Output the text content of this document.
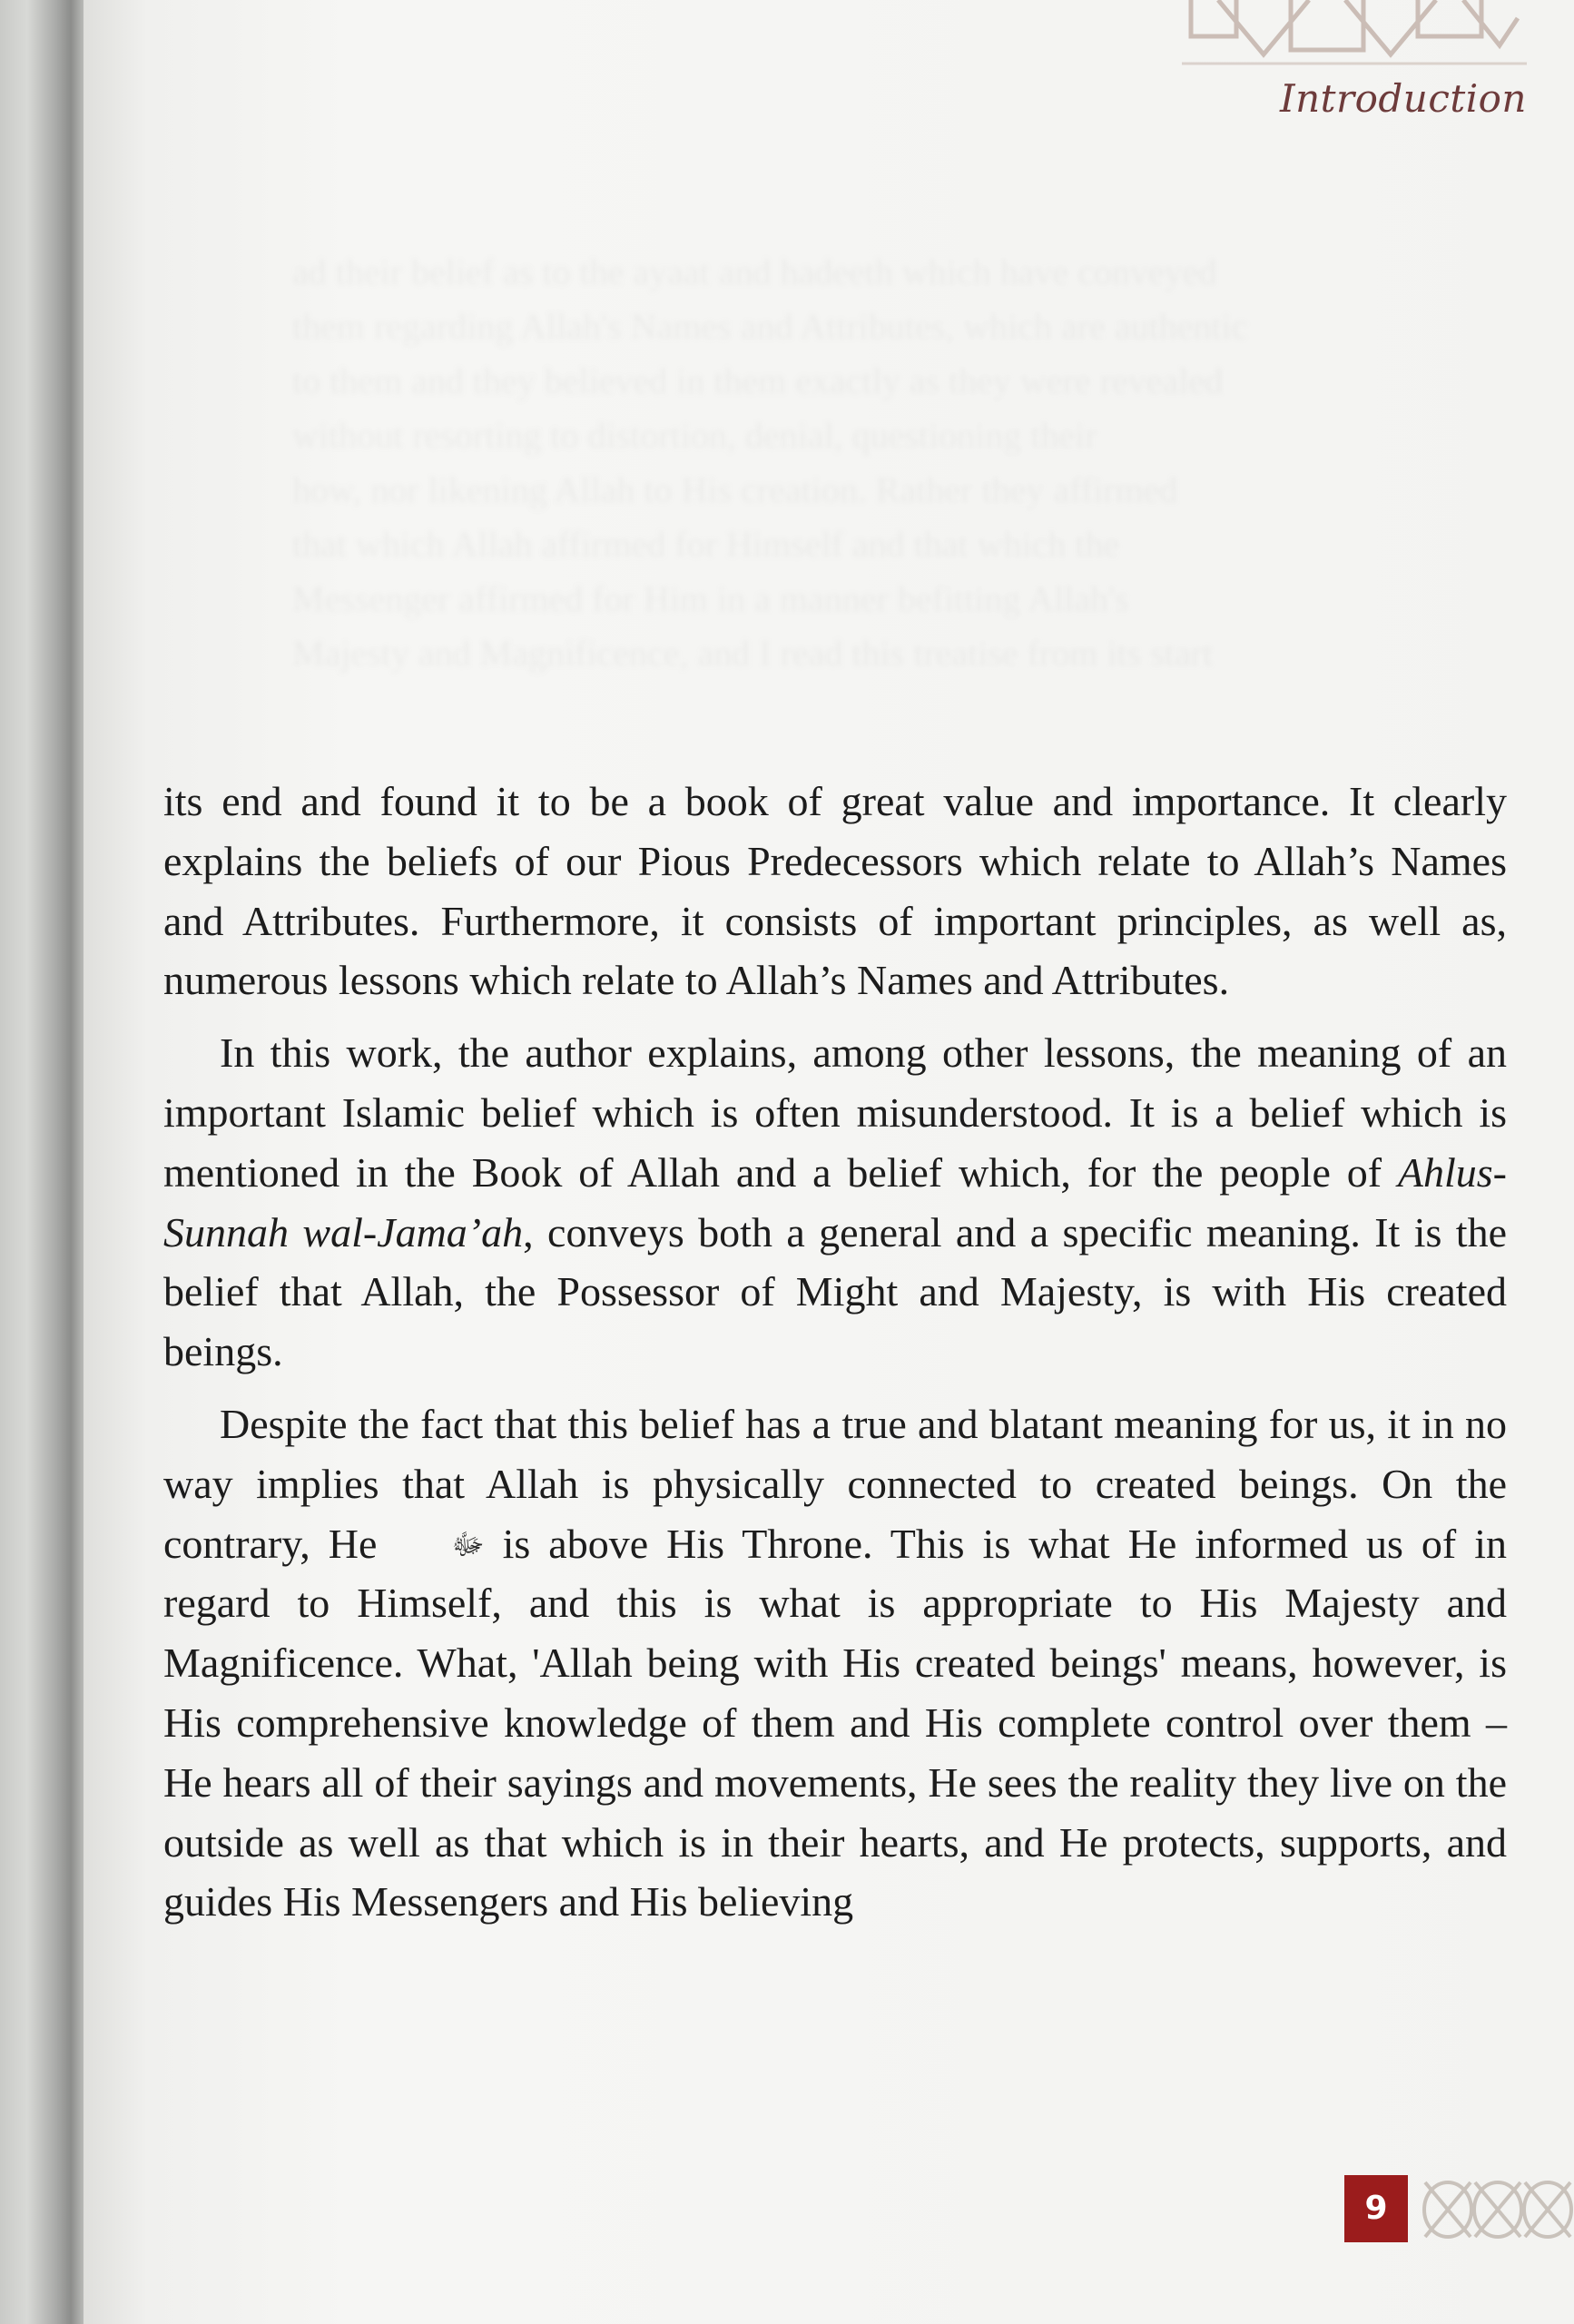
Introduction
ad their belief as to the ayaat and hadeeth which have conveyed
them regarding Allah's Names and Attributes, which are authentic
to them and they believed in them exactly as they were revealed
without resorting to distortion, denial, questioning their
how, nor likening Allah to His creation. Rather they affirmed
that which Allah affirmed for Himself and that which the
Messenger affirmed for Him in a manner befitting Allah's
Majesty and Magnificence, and I read this treatise from its start

its end and found it to be a book of great value and importance. It clearly explains the beliefs of our Pious Predecessors which relate to Allah’s Names and Attributes. Furthermore, it consists of important principles, as well as, numerous lessons which relate to Allah’s Names and Attributes.

In this work, the author explains, among other lessons, the meaning of an important Islamic belief which is often misunderstood. It is a belief which is mentioned in the Book of Allah and a belief which, for the people of Ahlus-Sunnah wal-Jama’ah, conveys both a general and a specific meaning. It is the belief that Allah, the Possessor of Might and Majesty, is with His created beings.

Despite the fact that this belief has a true and blatant meaning for us, it in no way implies that Allah is physically connected to created beings. On the contrary, He ﷻ is above His Throne. This is what He informed us of in regard to Himself, and this is what is appropriate to His Majesty and Magnificence. What, 'Allah being with His created beings' means, however, is His comprehensive knowledge of them and His complete control over them – He hears all of their sayings and movements, He sees the reality they live on the outside as well as that which is in their hearts, and He protects, supports, and guides His Messengers and His believing

9
